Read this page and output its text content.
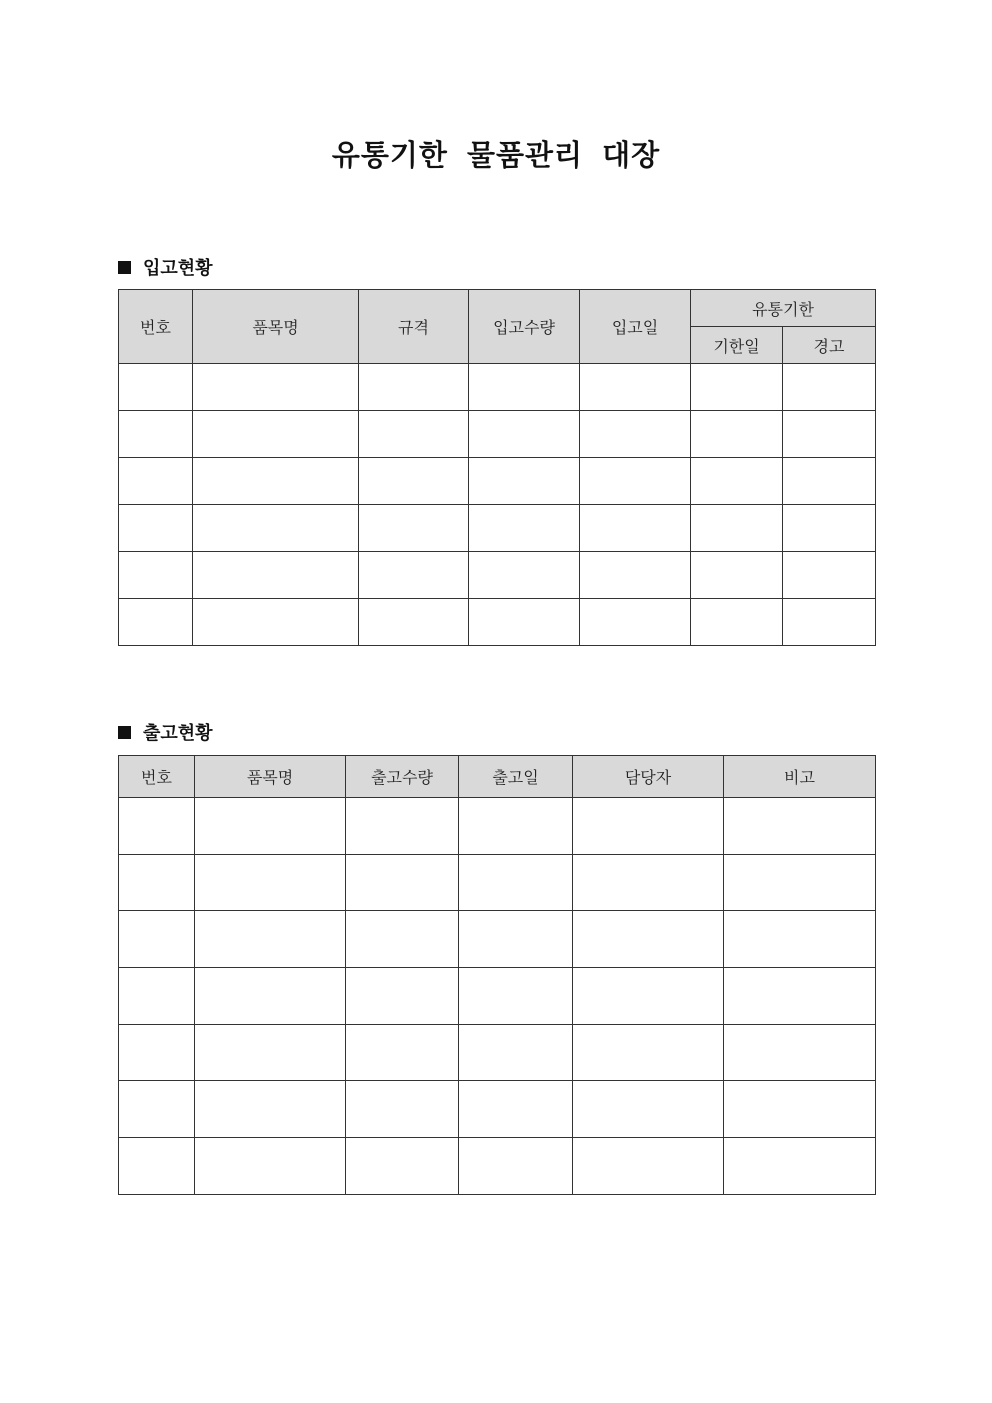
유통기한 물품관리 대장
입고현황
번호	품목명	규격	입고수량	입고일	유통기한	
					기한일	경고

출고현황
번호	품목명	출고수량	출고일	담당자	비고
